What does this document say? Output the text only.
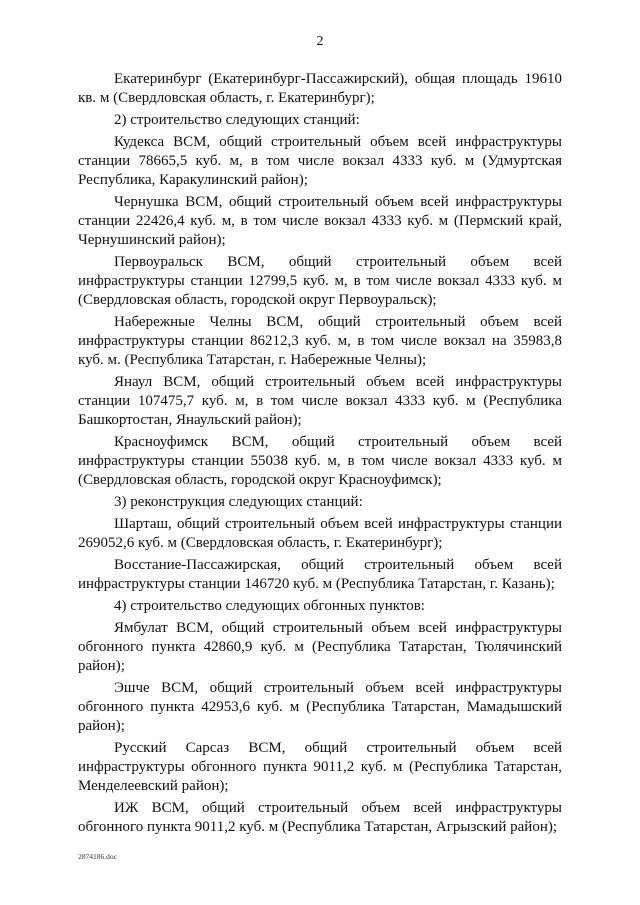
2

Екатеринбург (Екатеринбург-Пассажирский), общая площадь 19610 кв. м (Свердловская область, г. Екатеринбург);

2) строительство следующих станций:

Кудекса ВСМ, общий строительный объем всей инфраструктуры станции 78665,5 куб. м, в том числе вокзал 4333 куб. м (Удмуртская Республика, Каракулинский район);

Чернушка ВСМ, общий строительный объем всей инфраструктуры станции 22426,4 куб. м, в том числе вокзал 4333 куб. м (Пермский край, Чернушинский район);

Первоуральск ВСМ, общий строительный объем всей инфраструктуры станции 12799,5 куб. м, в том числе вокзал 4333 куб. м (Свердловская область, городской округ Первоуральск);

Набережные Челны ВСМ, общий строительный объем всей инфраструктуры станции 86212,3 куб. м, в том числе вокзал на 35983,8 куб. м. (Республика Татарстан, г. Набережные Челны);

Янаул ВСМ, общий строительный объем всей инфраструктуры станции 107475,7 куб. м, в том числе вокзал 4333 куб. м (Республика Башкортостан, Янаульский район);

Красноуфимск ВСМ, общий строительный объем всей инфраструктуры станции 55038 куб. м, в том числе вокзал 4333 куб. м (Свердловская область, городской округ Красноуфимск);

3) реконструкция следующих станций:

Шарташ, общий строительный объем всей инфраструктуры станции 269052,6 куб. м (Свердловская область, г. Екатеринбург);

Восстание-Пассажирская, общий строительный объем всей инфраструктуры станции 146720 куб. м (Республика Татарстан, г. Казань);

4) строительство следующих обгонных пунктов:

Ямбулат ВСМ, общий строительный объем всей инфраструктуры обгонного пункта 42860,9 куб. м (Республика Татарстан, Тюлячинский район);

Эшче ВСМ, общий строительный объем всей инфраструктуры обгонного пункта 42953,6 куб. м (Республика Татарстан, Мамадышский район);

Русский Сарсаз ВСМ, общий строительный объем всей инфраструктуры обгонного пункта 9011,2 куб. м (Республика Татарстан, Менделеевский район);

ИЖ ВСМ, общий строительный объем всей инфраструктуры обгонного пункта 9011,2 куб. м (Республика Татарстан, Агрызский район);

2874186.doc
